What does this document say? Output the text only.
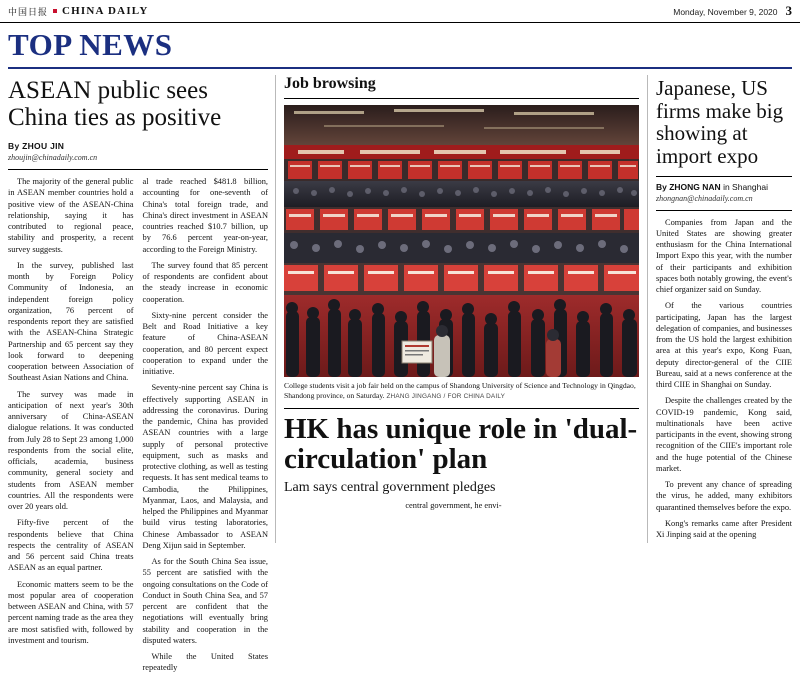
中国日报 CHINA DAILY	Monday, November 9, 2020 3
TOP NEWS
ASEAN public sees China ties as positive
By ZHOU JIN
zhoujin@chinadaily.com.cn

The majority of the general public in ASEAN member countries hold a positive view of the ASEAN-China relationship, saying it has contributed to regional peace, stability and prosperity, a recent survey suggests.

In the survey, published last month by Foreign Policy Community of Indonesia, an independent foreign policy organization, 76 percent of respondents report they are satisfied with the ASEAN-China Strategic Partnership and 65 percent say they look forward to deepening cooperation between Association of Southeast Asian Nations and China.

The survey was made in anticipation of next year's 30th anniversary of China-ASEAN dialogue relations. It was conducted from July 28 to Sept 23 among 1,000 respondents from the social elite, officials, academia, business community, general society and students from ASEAN member countries. All the respondents were over 20 years old.

Fifty-five percent of the respondents believe that China respects the centrality of ASEAN and 56 percent said China treats ASEAN as an equal partner.

Economic matters seem to be the most popular area of cooperation between ASEAN and China, with 57 percent naming trade as the area they are most satisfied with, followed by investment and tourism.

al trade reached $481.8 billion, accounting for one-seventh of China's total foreign trade, and China's direct investment in ASEAN countries reached $10.7 billion, up by 76.6 percent year-on-year, according to the Foreign Ministry.

The survey found that 85 percent of respondents are confident about the steady increase in economic cooperation.

Sixty-nine percent consider the Belt and Road Initiative a key feature of China-ASEAN cooperation, and 80 percent expect cooperation to expand under the initiative.

Seventy-nine percent say China is effectively supporting ASEAN in addressing the coronavirus. During the pandemic, China has provided ASEAN countries with a large supply of personal protective equipment, such as masks and protective clothing, as well as testing requests. It has sent medical teams to Cambodia, the Philippines, Myanmar, Laos, and Malaysia, and helped the Philippines and Myanmar build virus testing laboratories, Chinese Ambassador to ASEAN Deng Xijun said in September.

As for the South China Sea issue, 55 percent are satisfied with the ongoing consultations on the Code of Conduct in South China Sea, and 57 percent are confident that the negotiations will eventually bring stability and cooperation in the disputed waters.

While the United States repeatedly

Job browsing
College students visit a job fair held on the campus of Shandong University of Science and Technology in Qingdao, Shandong province, on Saturday. ZHANG JINGANG / FOR CHINA DAILY
HK has unique role in 'dual-circulation' plan
Lam says central government pledges

central government, he envi-

Japanese, US firms make big showing at import expo
By ZHONG NAN in Shanghai
zhongnan@chinadaily.com.cn

Companies from Japan and the United States are showing greater enthusiasm for the China International Import Expo this year, with the number of their participants and exhibition spaces both notably growing, the event's chief organizer said on Sunday.

Of the various countries participating, Japan has the largest delegation of companies, and businesses from the US hold the largest exhibition area at this year's expo, Kong Fuan, deputy director-general of the CIIE Bureau, said at a news conference at the third CIIE in Shanghai on Sunday.

Despite the challenges created by the COVID-19 pandemic, Kong said, multinationals have been active participants in the event, showing strong recognition of the CIIE's important role and the huge potential of the Chinese market.

To prevent any chance of spreading the virus, he added, many exhibitors quarantined themselves before the expo.

Kong's remarks came after President Xi Jinping said at the opening
